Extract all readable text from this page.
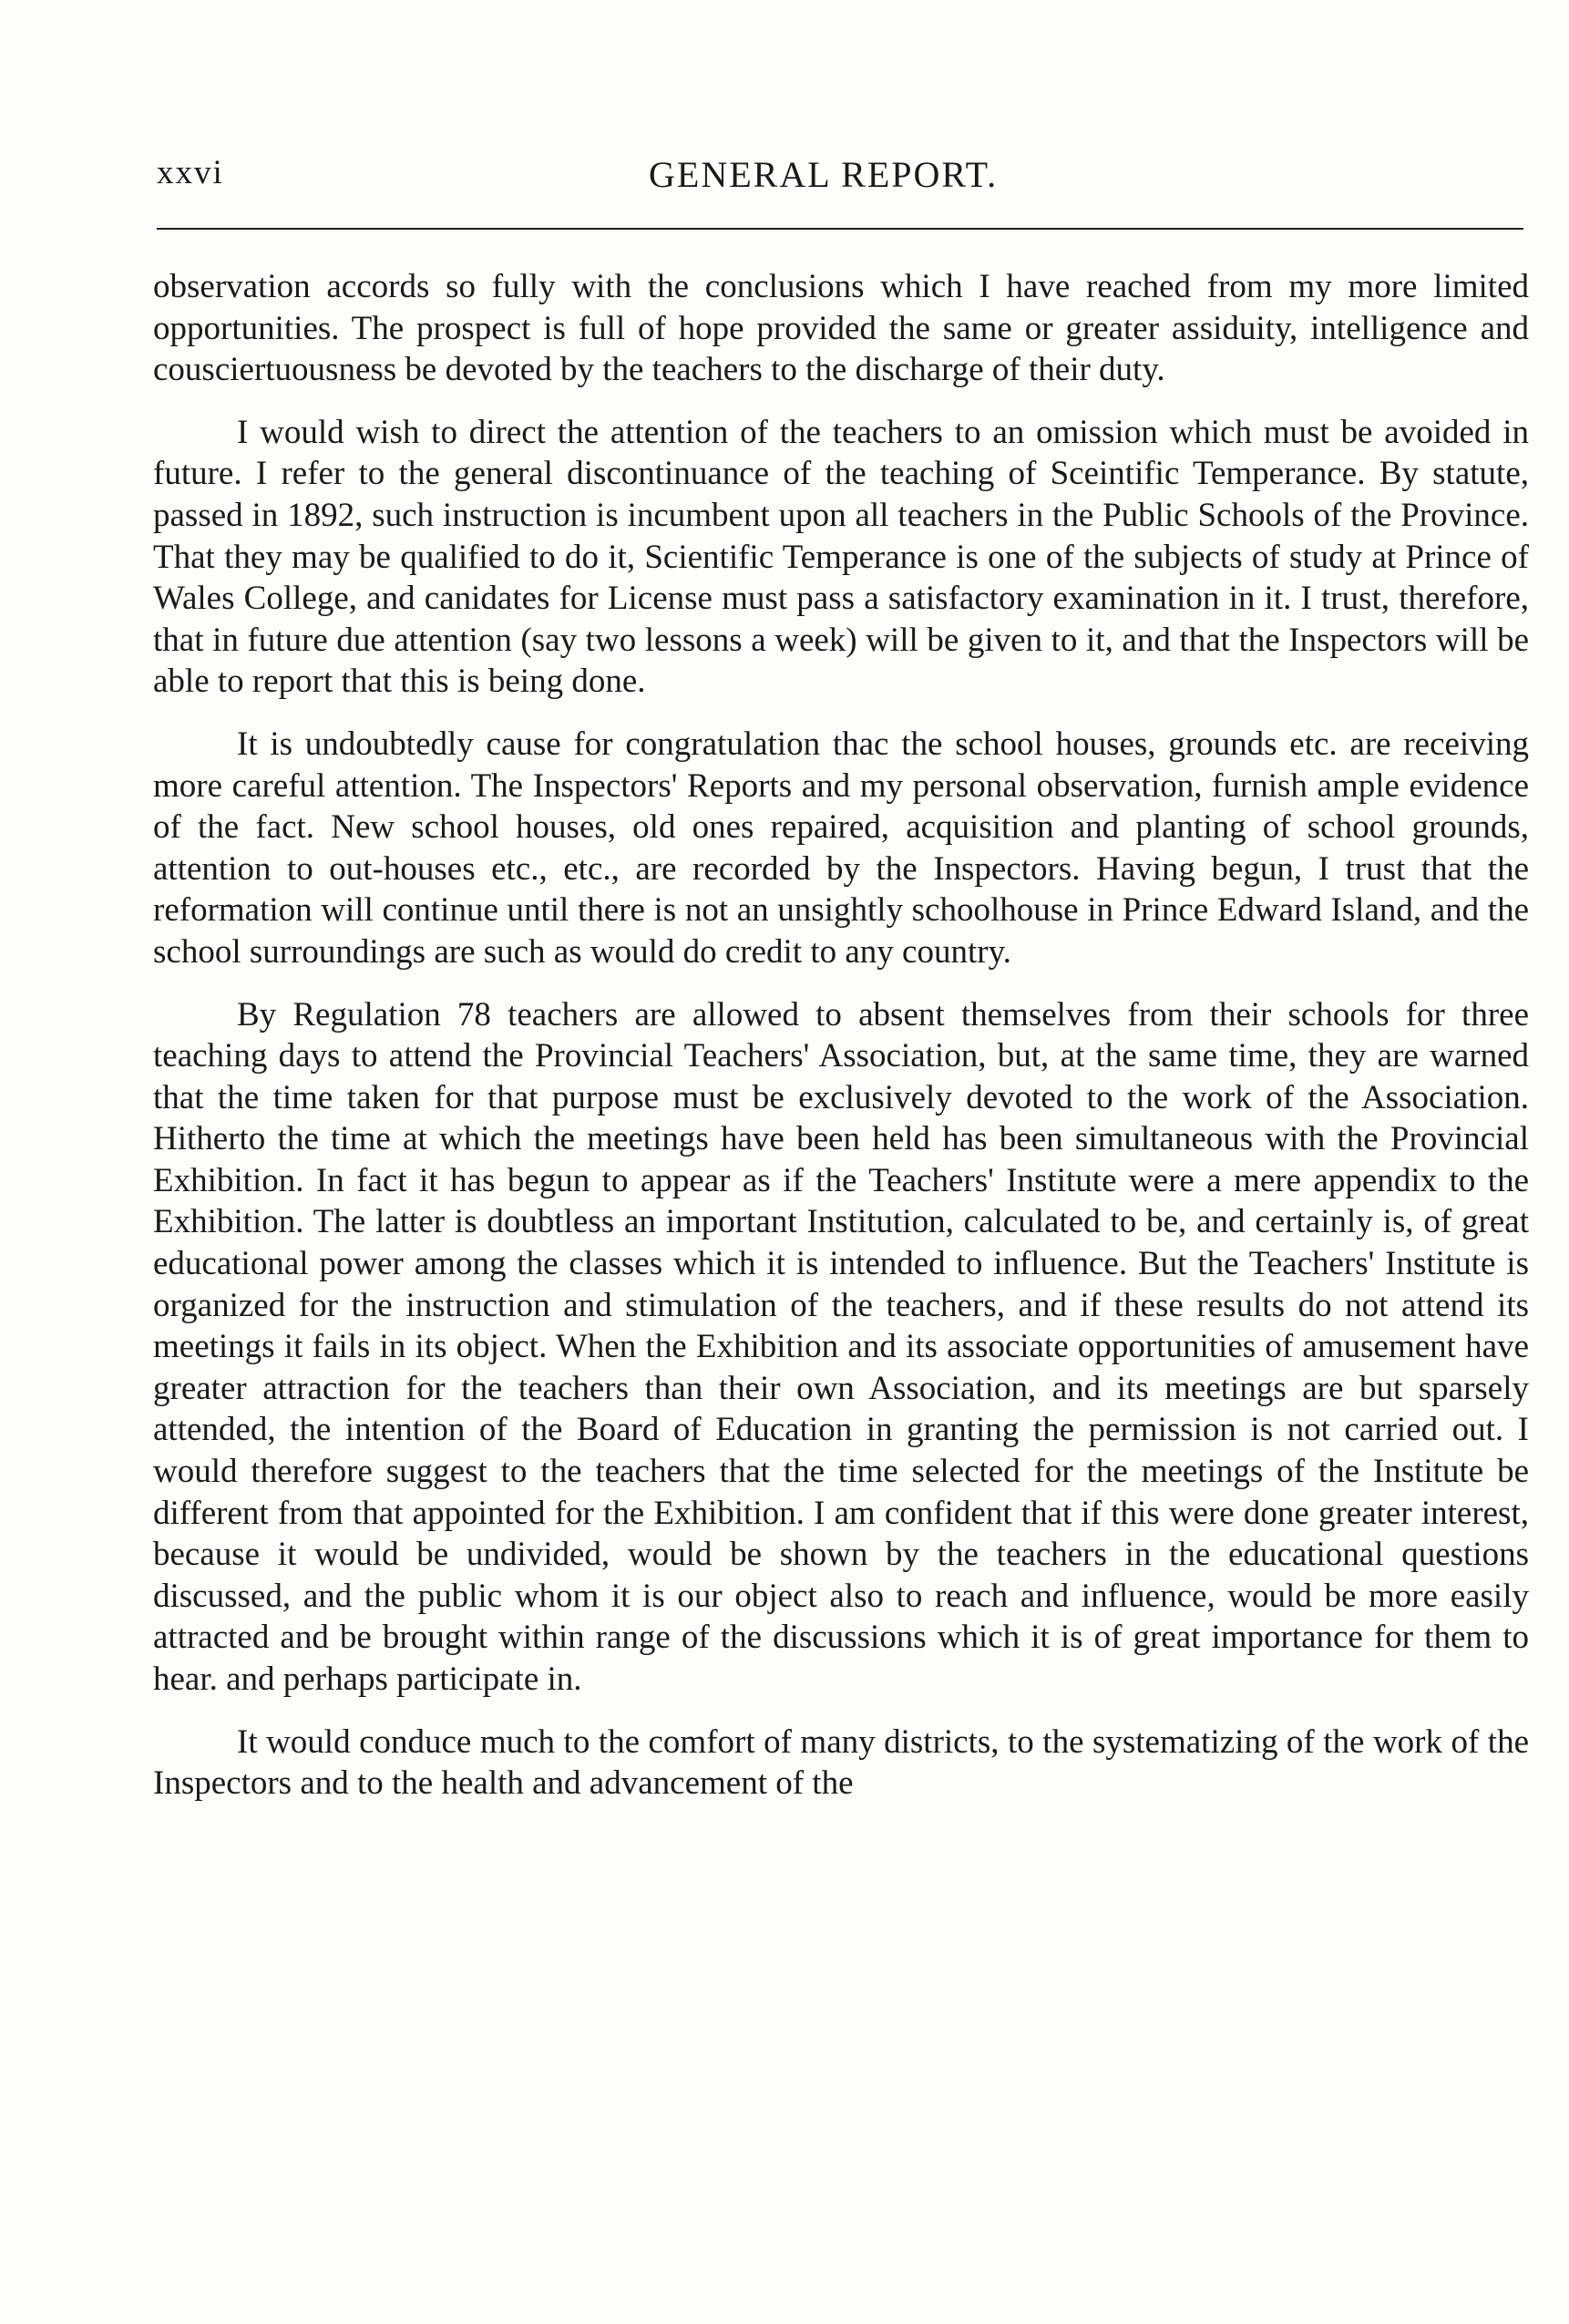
xxvi	GENERAL REPORT.

observation accords so fully with the conclusions which I have reached from my more limited opportunities. The prospect is full of hope provided the same or greater assiduity, intelligence and cousciertuousness be devoted by the teachers to the discharge of their duty.

I would wish to direct the attention of the teachers to an omission which must be avoided in future. I refer to the general discontinuance of the teaching of Sceintific Temperance. By statute, passed in 1892, such instruction is incumbent upon all teachers in the Public Schools of the Province. That they may be qualified to do it, Scientific Temperance is one of the subjects of study at Prince of Wales College, and canidates for License must pass a satisfactory examination in it. I trust, therefore, that in future due attention (say two lessons a week) will be given to it, and that the Inspectors will be able to report that this is being done.

It is undoubtedly cause for congratulation thac the school houses, grounds etc. are receiving more careful attention. The Inspectors' Reports and my personal observation, furnish ample evidence of the fact. New school houses, old ones repaired, acquisition and planting of school grounds, attention to out-houses etc., etc., are recorded by the Inspectors. Having begun, I trust that the reformation will continue until there is not an unsightly schoolhouse in Prince Edward Island, and the school surroundings are such as would do credit to any country.

By Regulation 78 teachers are allowed to absent themselves from their schools for three teaching days to attend the Provincial Teachers' Association, but, at the same time, they are warned that the time taken for that purpose must be exclusively devoted to the work of the Association. Hitherto the time at which the meetings have been held has been simultaneous with the Provincial Exhibition. In fact it has begun to appear as if the Teachers' Institute were a mere appendix to the Exhibition. The latter is doubtless an important Institution, calculated to be, and certainly is, of great educational power among the classes which it is intended to influence. But the Teachers' Institute is organized for the instruction and stimulation of the teachers, and if these results do not attend its meetings it fails in its object. When the Exhibition and its associate opportunities of amusement have greater attraction for the teachers than their own Association, and its meetings are but sparsely attended, the intention of the Board of Education in granting the permission is not carried out. I would therefore suggest to the teachers that the time selected for the meetings of the Institute be different from that appointed for the Exhibition. I am confident that if this were done greater interest, because it would be undivided, would be shown by the teachers in the educational questions discussed, and the public whom it is our object also to reach and influence, would be more easily attracted and be brought within range of the discussions which it is of great importance for them to hear. and perhaps participate in.

It would conduce much to the comfort of many districts, to the systematizing of the work of the Inspectors and to the health and advancement of the
